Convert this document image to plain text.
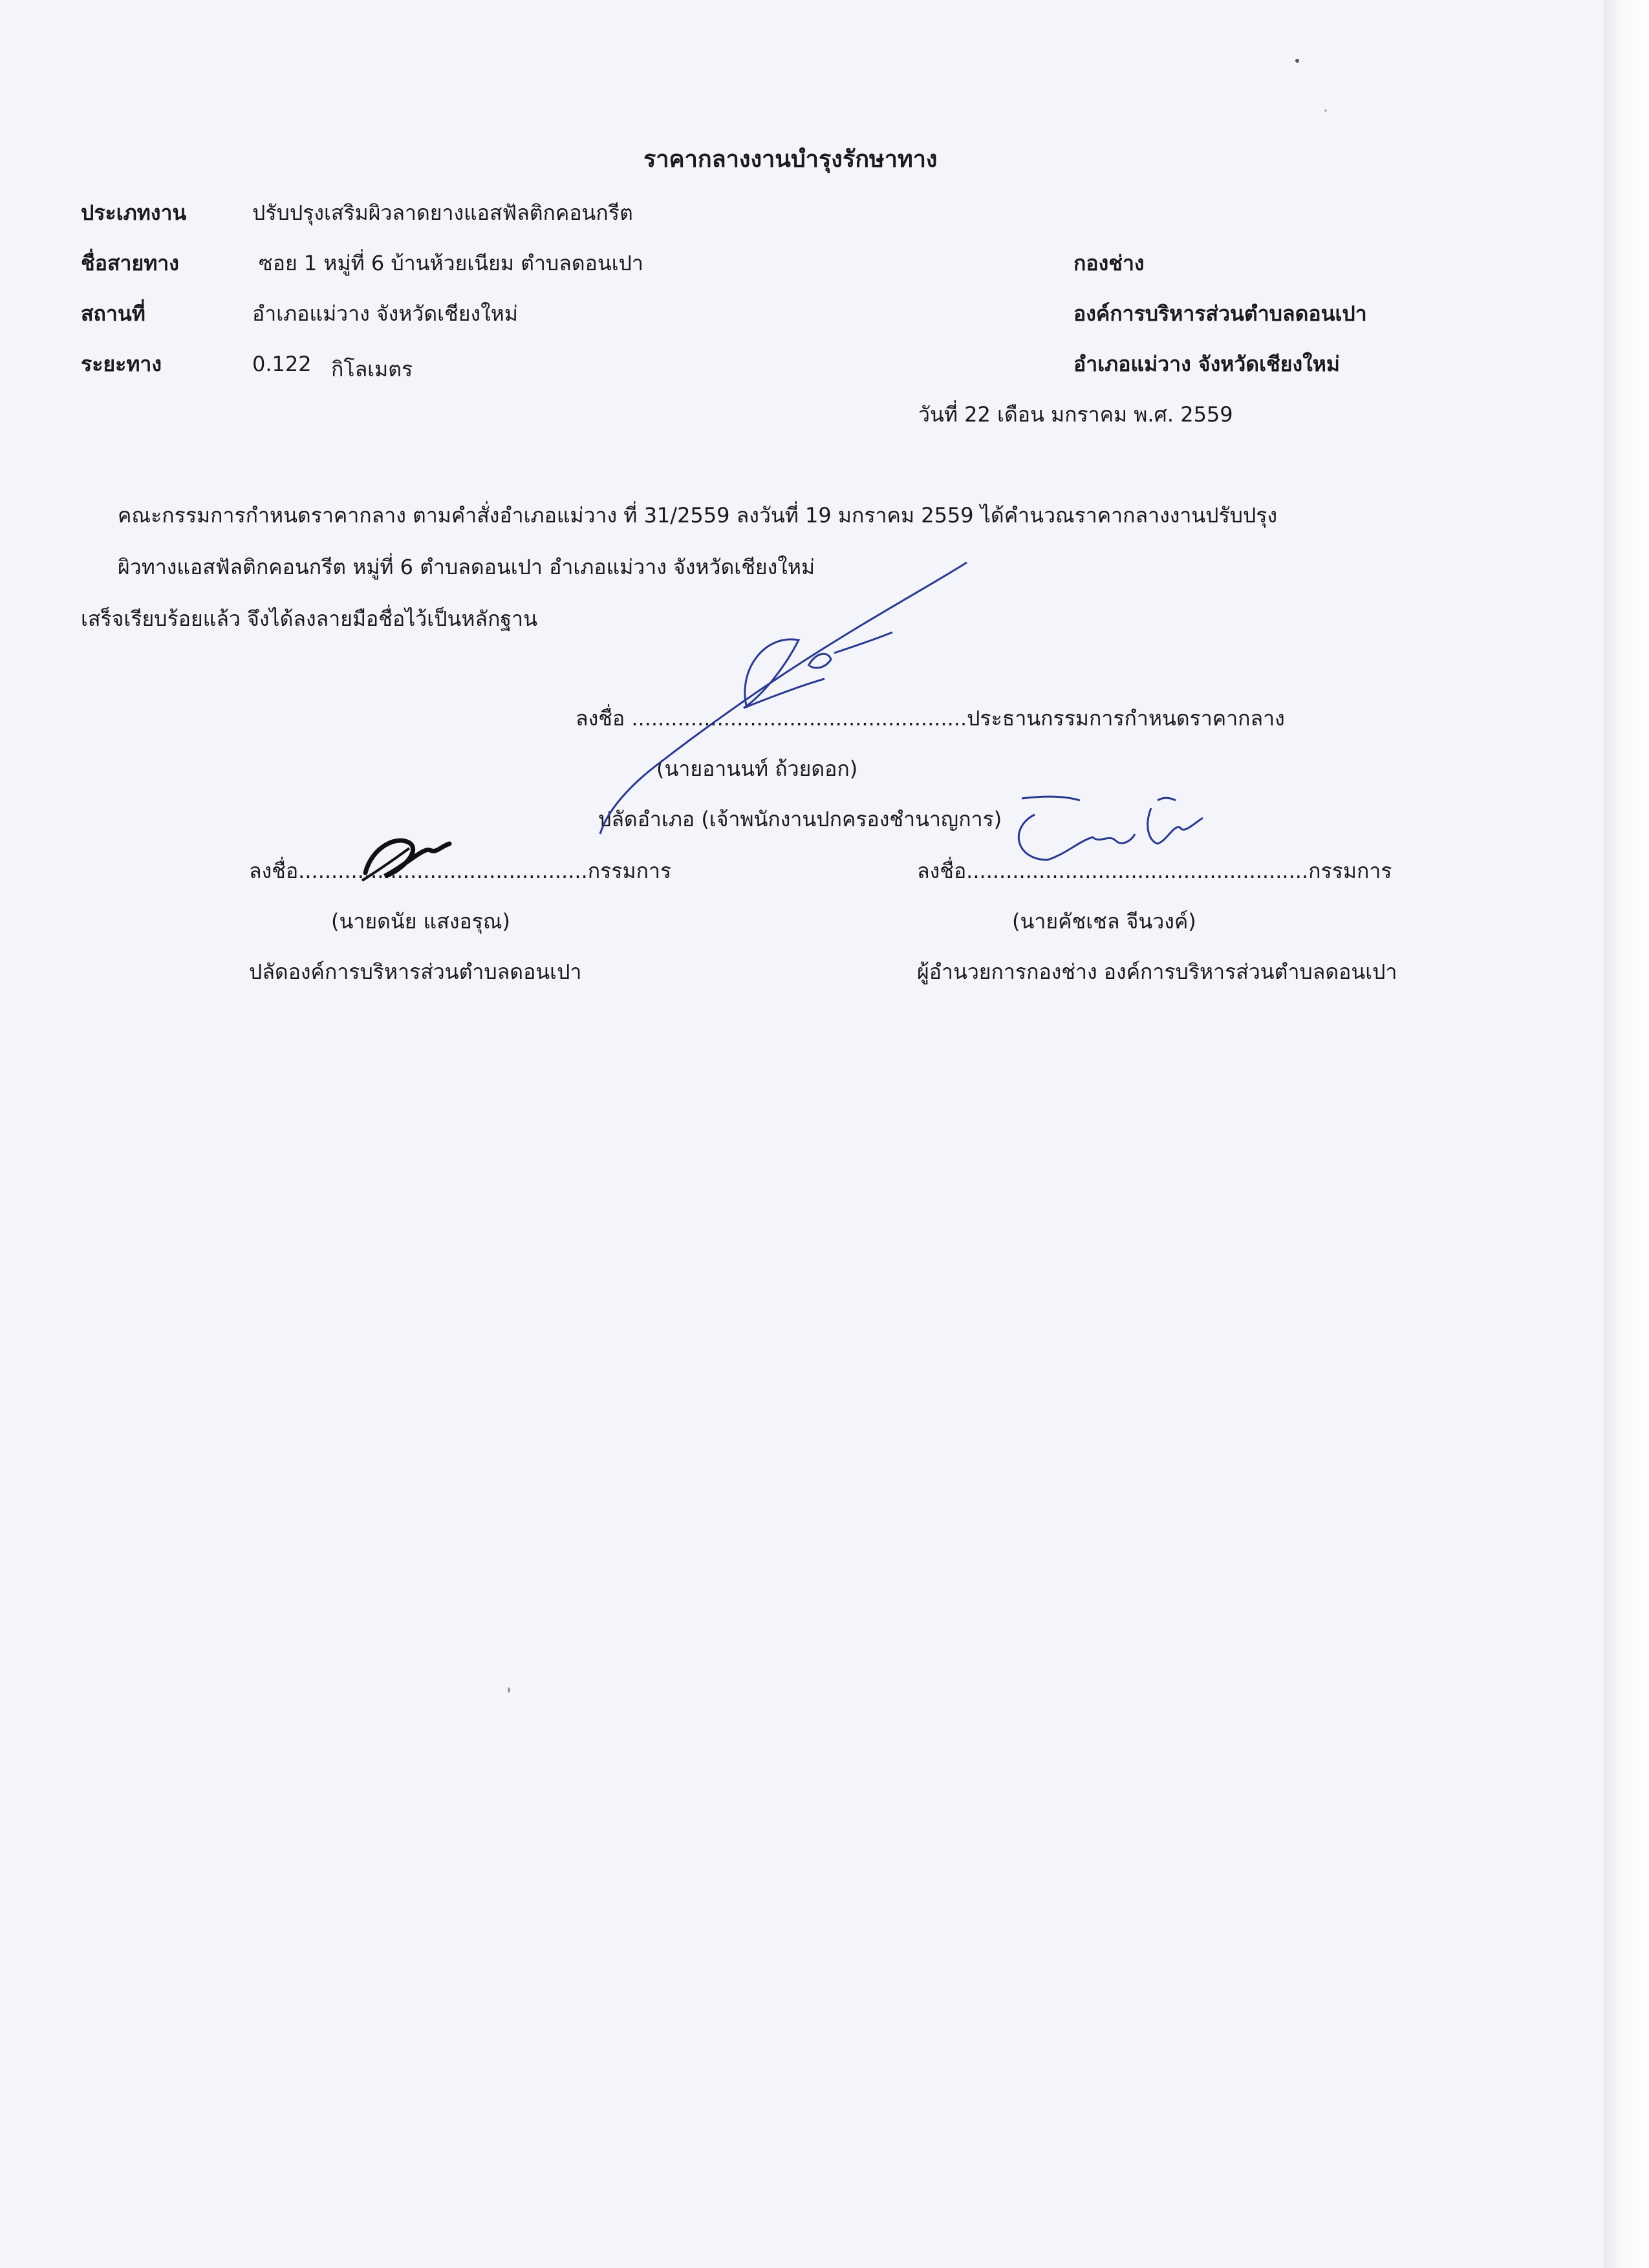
ราคากลางงานบำรุงรักษาทาง
ประเภทงาน	ปรับปรุงเสริมผิวลาดยางแอสฟัลติกคอนกรีต
ชื่อสายทาง	ซอย 1 หมู่ที่ 6 บ้านห้วยเนียม ตำบลดอนเปา
สถานที่	อำเภอแม่วาง จังหวัดเชียงใหม่
ระยะทาง	0.122 กิโลเมตร
กองช่าง
องค์การบริหารส่วนตำบลดอนเปา
อำเภอแม่วาง จังหวัดเชียงใหม่
วันที่ 22 เดือน มกราคม พ.ศ. 2559
คณะกรรมการกำหนดราคากลาง ตามคำสั่งอำเภอแม่วาง ที่ 31/2559 ลงวันที่ 19 มกราคม 2559 ได้คำนวณราคากลางงานปรับปรุง
ผิวทางแอสฟัลติกคอนกรีต หมู่ที่ 6 ตำบลดอนเปา อำเภอแม่วาง จังหวัดเชียงใหม่
เสร็จเรียบร้อยแล้ว จึงได้ลงลายมือชื่อไว้เป็นหลักฐาน
ลงชื่อ ...................................................ประธานกรรมการกำหนดราคากลาง
(นายอานนท์ ถ้วยดอก)
ปลัดอำเภอ (เจ้าพนักงานปกครองชำนาญการ)
ลงชื่อ............................................กรรมการ
(นายดนัย แสงอรุณ)
ปลัดองค์การบริหารส่วนตำบลดอนเปา
ลงชื่อ....................................................กรรมการ
(นายคัชเชล จีนวงค์)
ผู้อำนวยการกองช่าง องค์การบริหารส่วนตำบลดอนเปา
